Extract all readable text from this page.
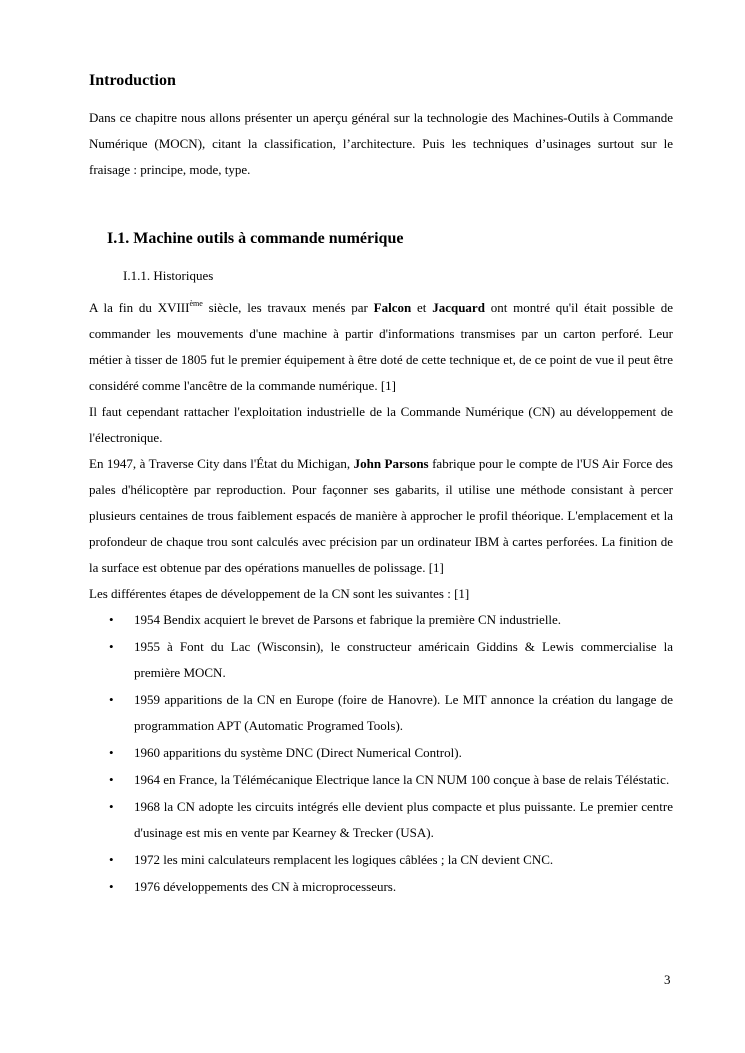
Introduction

Dans ce chapitre nous allons présenter un aperçu général sur la technologie des Machines-Outils à Commande Numérique (MOCN), citant la classification, l’architecture. Puis les techniques d’usinages surtout sur le fraisage : principe, mode, type.

I.1. Machine outils à commande numérique
I.1.1. Historiques

A la fin du XVIIIème siècle, les travaux menés par Falcon et Jacquard ont montré qu'il était possible de commander les mouvements d'une machine à partir d'informations transmises par un carton perforé. Leur métier à tisser de 1805 fut le premier équipement à être doté de cette technique et, de ce point de vue il peut être considéré comme l'ancêtre de la commande numérique. [1]

Il faut cependant rattacher l'exploitation industrielle de la Commande Numérique (CN) au développement de l'électronique.

En 1947, à Traverse City dans l'État du Michigan, John Parsons fabrique pour le compte de l'US Air Force des pales d'hélicoptère par reproduction. Pour façonner ses gabarits, il utilise une méthode consistant à percer plusieurs centaines de trous faiblement espacés de manière à approcher le profil théorique. L'emplacement et la profondeur de chaque trou sont calculés avec précision par un ordinateur IBM à cartes perforées. La finition de la surface est obtenue par des opérations manuelles de polissage. [1]

Les différentes étapes de développement de la CN sont les suivantes : [1]

• 1954 Bendix acquiert le brevet de Parsons et fabrique la première CN industrielle.
• 1955 à Font du Lac (Wisconsin), le constructeur américain Giddins & Lewis commercialise la première MOCN.
• 1959 apparitions de la CN en Europe (foire de Hanovre). Le MIT annonce la création du langage de programmation APT (Automatic Programed Tools).
• 1960 apparitions du système DNC (Direct Numerical Control).
• 1964 en France, la Télémécanique Electrique lance la CN NUM 100 conçue à base de relais Téléstatic.
• 1968 la CN adopte les circuits intégrés elle devient plus compacte et plus puissante. Le premier centre d'usinage est mis en vente par Kearney & Trecker (USA).
• 1972 les mini calculateurs remplacent les logiques câblées ; la CN devient CNC.
• 1976 développements des CN à microprocesseurs.
3
